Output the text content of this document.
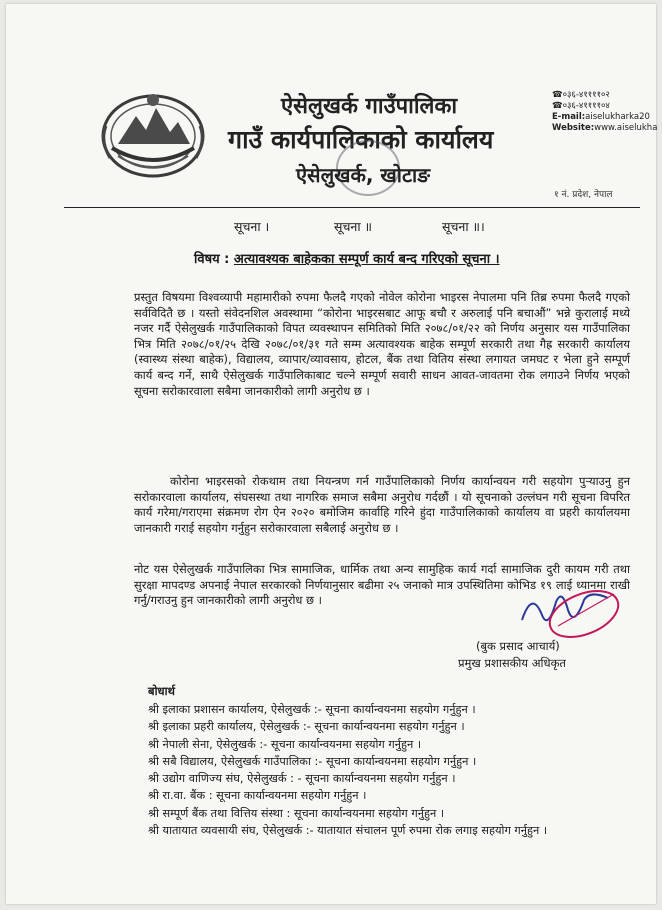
ऐसेलुखर्क गाउँपालिका
गाउँ कार्यपालिकाको कार्यालय
ऐसेलुखर्क, खोटाङ
☎०३६-४११११०२
☎०३६-४११११०४
E-mail:aiselukharka20
Website:www.aiselukha
१ नं. प्रदेश, नेपाल
सूचना ।	सूचना ॥	सूचना ॥।
विषय : अत्यावश्यक बाहेकका सम्पूर्ण कार्य बन्द गरिएको सूचना ।
प्रस्तुत विषयमा विश्वव्यापी महामारीको रुपमा फैलदै गएको नोवेल कोरोना भाइरस नेपालमा पनि तिब्र रुपमा फैलदै गएको सर्वविदितै छ । यस्तो संवेदनशिल अवस्थामा “कोरोना भाइरसबाट आफू बचौ र अरुलाई पनि बचाऔं” भन्ने कुरालाई मध्ये नजर गर्दै ऐसेलुखर्क गाउँपालिकाको विपत व्यवस्थापन समितिको मिति २०७८/०१/२२ को निर्णय अनुसार यस गाउँपालिका भित्र मिति २०७८/०१/२५ देखि २०७८/०१/३१ गते सम्म अत्यावश्यक बाहेक सम्पूर्ण सरकारी तथा गैह्र सरकारी कार्यालय (स्वास्थ्य संस्था बाहेक), विद्यालय, व्यापार/व्यावसाय, होटल, बैंक तथा वितिय संस्था लगायत जमघट र भेला हुने सम्पूर्ण कार्य बन्द गर्ने, साथै ऐसेलुखर्क गाउँपालिकाबाट चल्ने सम्पूर्ण सवारी साधन आवत-जावतमा रोक लगाउने निर्णय भएको सूचना सरोकारवाला सबैमा जानकारीको लागी अनुरोध छ ।
कोरोना भाइरसको रोकथाम तथा नियन्त्रण गर्न गाउँपालिकाको निर्णय कार्यान्वयन गरी सहयोग पुर्‍याउनु हुन सरोकारवाला कार्यालय, संघसस्था तथा नागरिक समाज सबैमा अनुरोध गर्दछौं । यो सूचनाको उल्लंघन गरी सूचना विपरित कार्य गरेमा/गराएमा संक्रमण रोग ऐन २०२० बमोजिम कार्वाहि गरिने हुंदा गाउँपालिकाको कार्यालय वा प्रहरी कार्यालयमा जानकारी गराई सहयोग गर्नुहुन सरोकारवाला सबैलाई अनुरोध छ ।
नोट यस ऐसेलुखर्क गाउँपालिका भित्र सामाजिक, धार्मिक तथा अन्य सामुहिक कार्य गर्दा सामाजिक दुरी कायम गरी तथा सुरक्षा मापदण्ड अपनाई नेपाल सरकारको निर्णयानुसार बढीमा २५ जनाको मात्र उपस्थितिमा कोभिड १९ लाई ध्यानमा राखी गर्नु/गराउनु हुन जानकारीको लागी अनुरोध छ ।
(बुक प्रसाद आचार्य)
प्रमुख प्रशासकीय अधिकृत
बोधार्थ
श्री इलाका प्रशासन कार्यालय, ऐसेलुखर्क :- सूचना कार्यान्वयनमा सहयोग गर्नुहुन ।
श्री इलाका प्रहरी कार्यालय, ऐसेलुखर्क :- सूचना कार्यान्वयनमा सहयोग गर्नुहुन ।
श्री नेपाली सेना, ऐसेलुखर्क :- सूचना कार्यान्वयनमा सहयोग गर्नुहुन ।
श्री सबै विद्यालय, ऐसेलुखर्क गाउँपालिका :- सूचना कार्यान्वयनमा सहयोग गर्नुहुन ।
श्री उद्योग वाणिज्य संघ, ऐसेलुखर्क : - सूचना कार्यान्वयनमा सहयोग गर्नुहुन ।
श्री रा.वा. बैंक : सूचना कार्यान्वयनमा सहयोग गर्नुहुन ।
श्री सम्पूर्ण बैंक तथा वित्तिय संस्था : सूचना कार्यान्वयनमा सहयोग गर्नुहुन ।
श्री यातायात व्यवसायी संघ, ऐसेलुखर्क :- यातायात संचालन पूर्ण रुपमा रोक लगाइ सहयोग गर्नुहुन ।
